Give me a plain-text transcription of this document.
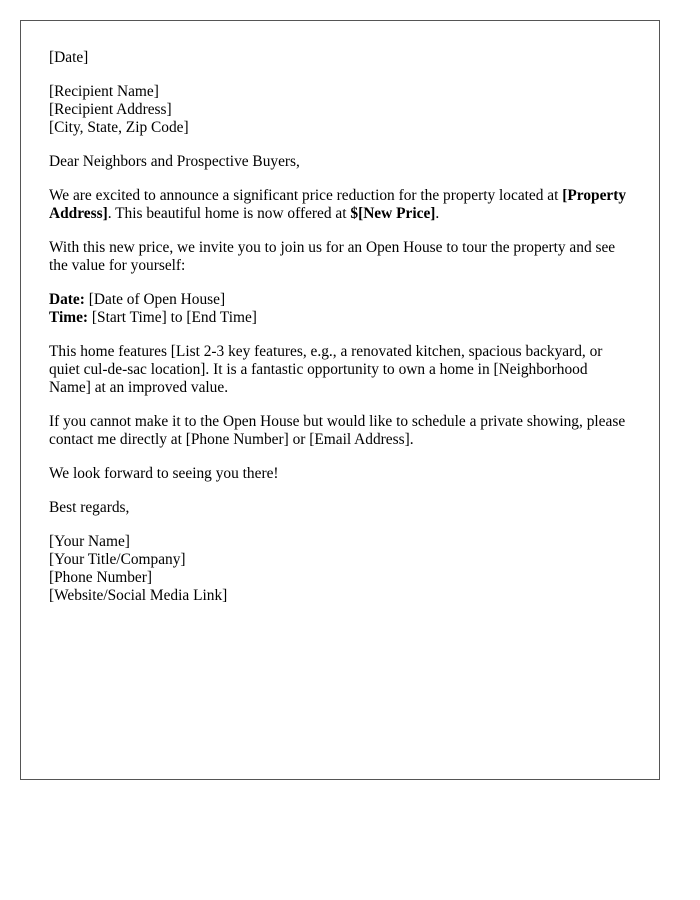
[Date]
[Recipient Name]
[Recipient Address]
[City, State, Zip Code]
Dear Neighbors and Prospective Buyers,
We are excited to announce a significant price reduction for the property located at [Property Address]. This beautiful home is now offered at $[New Price].
With this new price, we invite you to join us for an Open House to tour the property and see the value for yourself:
Date: [Date of Open House]
Time: [Start Time] to [End Time]
This home features [List 2-3 key features, e.g., a renovated kitchen, spacious backyard, or quiet cul-de-sac location]. It is a fantastic opportunity to own a home in [Neighborhood Name] at an improved value.
If you cannot make it to the Open House but would like to schedule a private showing, please contact me directly at [Phone Number] or [Email Address].
We look forward to seeing you there!
Best regards,
[Your Name]
[Your Title/Company]
[Phone Number]
[Website/Social Media Link]
